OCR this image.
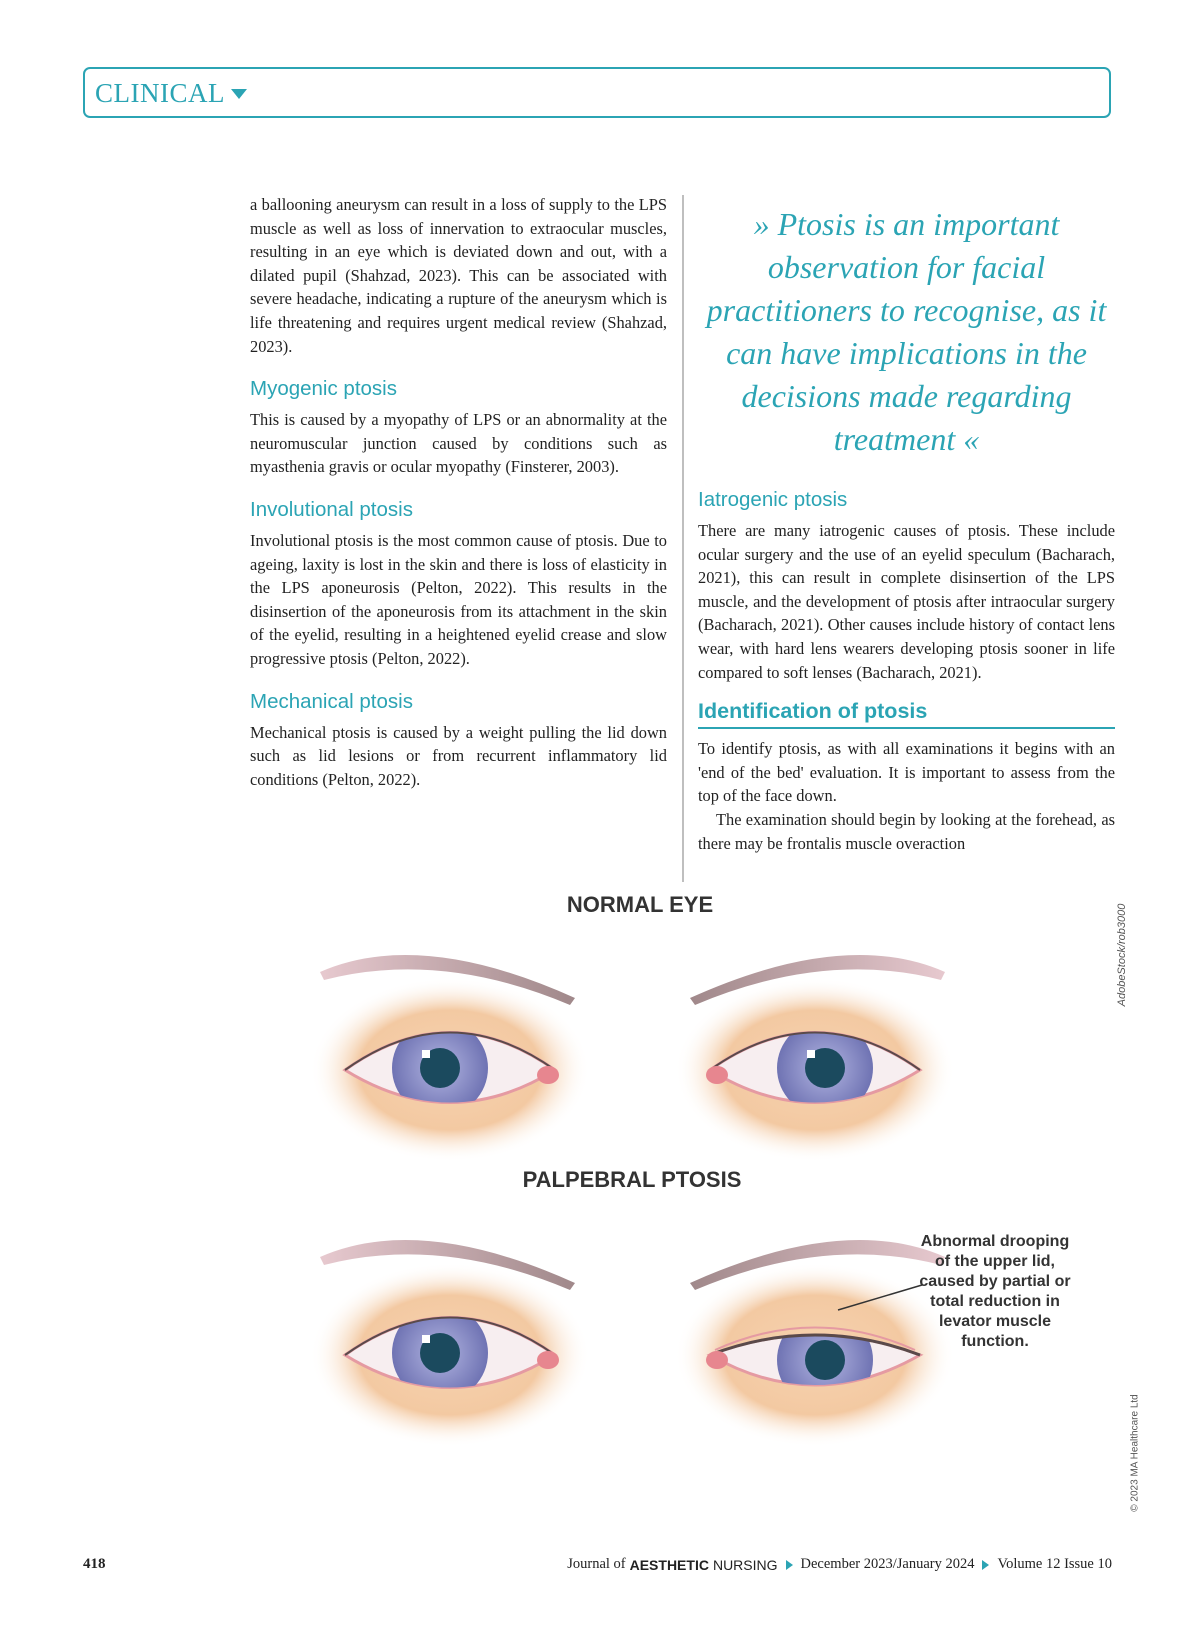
CLINICAL

a ballooning aneurysm can result in a loss of supply to the LPS muscle as well as loss of innervation to extraocular muscles, resulting in an eye which is deviated down and out, with a dilated pupil (Shahzad, 2023). This can be associated with severe headache, indicating a rupture of the aneurysm which is life threatening and requires urgent medical review (Shahzad, 2023).

Myogenic ptosis

This is caused by a myopathy of LPS or an abnormality at the neuromuscular junction caused by conditions such as myasthenia gravis or ocular myopathy (Finsterer, 2003).

Involutional ptosis

Involutional ptosis is the most common cause of ptosis. Due to ageing, laxity is lost in the skin and there is loss of elasticity in the LPS aponeurosis (Pelton, 2022). This results in the disinsertion of the aponeurosis from its attachment in the skin of the eyelid, resulting in a heightened eyelid crease and slow progressive ptosis (Pelton, 2022).

Mechanical ptosis

Mechanical ptosis is caused by a weight pulling the lid down such as lid lesions or from recurrent inflammatory lid conditions (Pelton, 2022).

» Ptosis is an important observation for facial practitioners to recognise, as it can have implications in the decisions made regarding treatment «
Iatrogenic ptosis

There are many iatrogenic causes of ptosis. These include ocular surgery and the use of an eyelid speculum (Bacharach, 2021), this can result in complete disinsertion of the LPS muscle, and the development of ptosis after intraocular surgery (Bacharach, 2021). Other causes include history of contact lens wear, with hard lens wearers developing ptosis sooner in life compared to soft lenses (Bacharach, 2021).

Identification of ptosis

To identify ptosis, as with all examinations it begins with an 'end of the bed' evaluation. It is important to assess from the top of the face down.

The examination should begin by looking at the forehead, as there may be frontalis muscle overaction

NORMAL EYE
PALPEBRAL PTOSIS
Abnormal drooping
of the upper lid,
caused by partial or
total reduction in
levator muscle
function.
AdobeStock/rob3000
© 2023 MA Healthcare Ltd
418	Journal of AESTHETIC NURSING December 2023/January 2024 Volume 12 Issue 10
